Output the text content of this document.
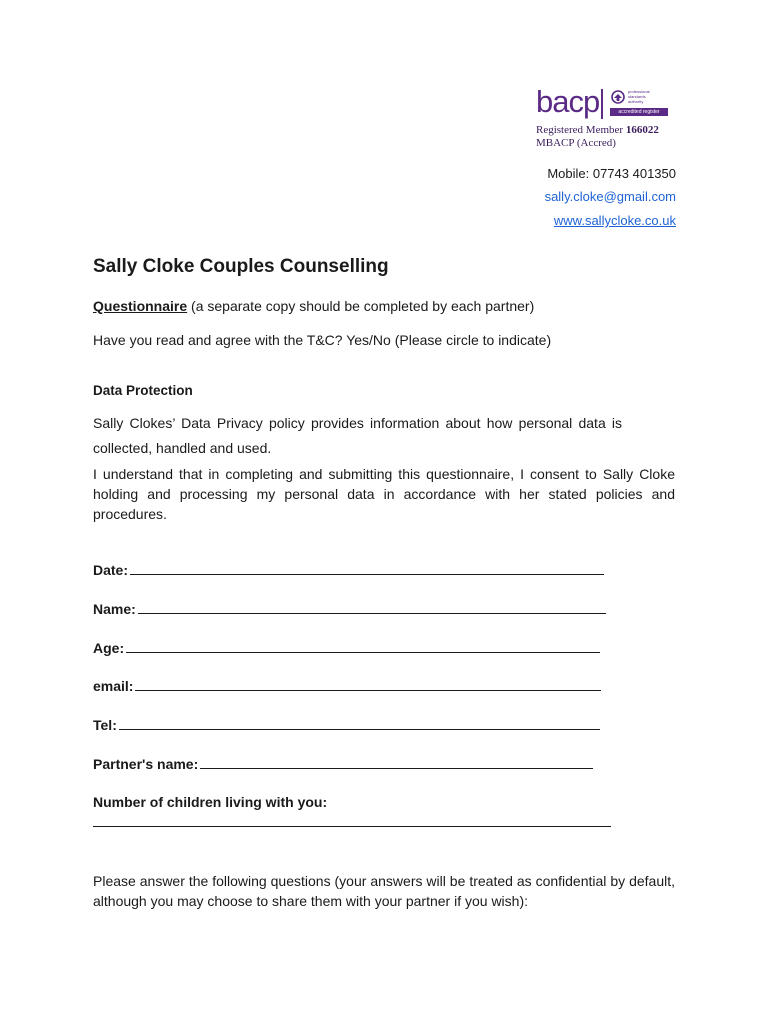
bacp	professional
standards
authority
accredited register
Registered Member 166022
MBACP (Accred)
Mobile: 07743 401350
sally.cloke@gmail.com
www.sallycloke.co.uk
Sally Cloke Couples Counselling
Questionnaire (a separate copy should be completed by each partner)
Have you read and agree with the T&C? Yes/No (Please circle to indicate)
Data Protection
Sally Clokes’ Data Privacy policy provides information about how personal data is
collected, handled and used.
I understand that in completing and submitting this questionnaire, I consent to Sally Cloke holding and processing my personal data in accordance with her stated policies and procedures.
Date:
Name:
Age:
email:
Tel:
Partner's name:
Number of children living with you:
Please answer the following questions (your answers will be treated as confidential by default, although you may choose to share them with your partner if you wish):
